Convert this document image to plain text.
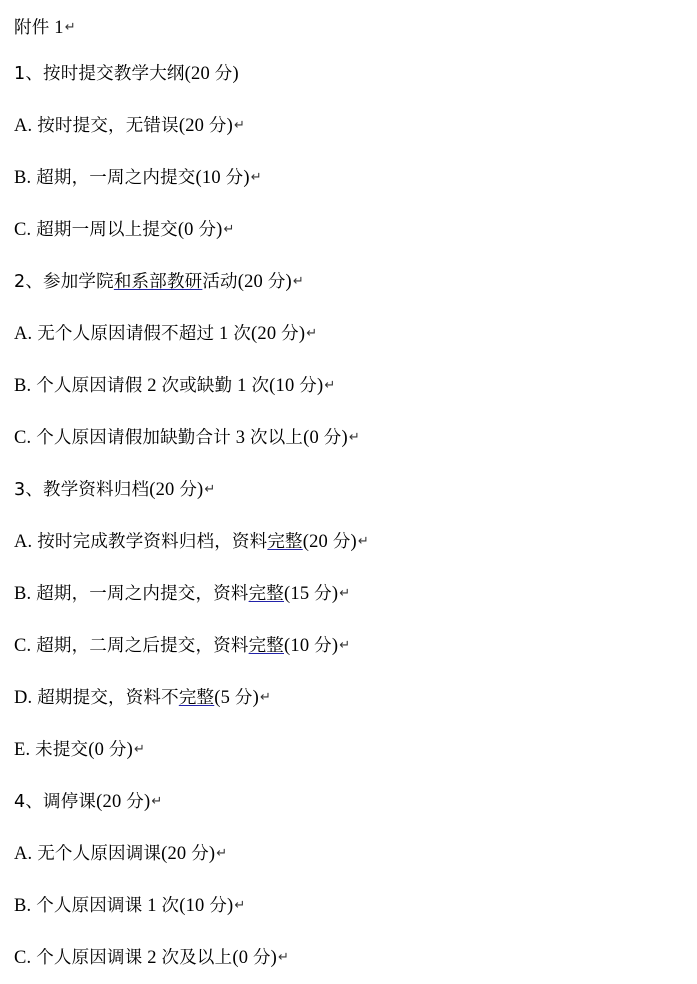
附件 1↵
1、按时提交教学大纲(20 分)
A. 按时提交，无错误(20 分)↵
B. 超期，一周之内提交(10 分)↵
C. 超期一周以上提交(0 分)↵
2、参加学院和系部教研活动(20 分)↵
A. 无个人原因请假不超过 1 次(20 分)↵
B. 个人原因请假 2 次或缺勤 1 次(10 分)↵
C. 个人原因请假加缺勤合计 3 次以上(0 分)↵
3、教学资料归档(20 分)↵
A. 按时完成教学资料归档，资料完整(20 分)↵
B. 超期，一周之内提交，资料完整(15 分)↵
C. 超期，二周之后提交，资料完整(10 分)↵
D. 超期提交，资料不完整(5 分)↵
E. 未提交(0 分)↵
4、调停课(20 分)↵
A. 无个人原因调课(20 分)↵
B. 个人原因调课 1 次(10 分)↵
C. 个人原因调课 2 次及以上(0 分)↵
